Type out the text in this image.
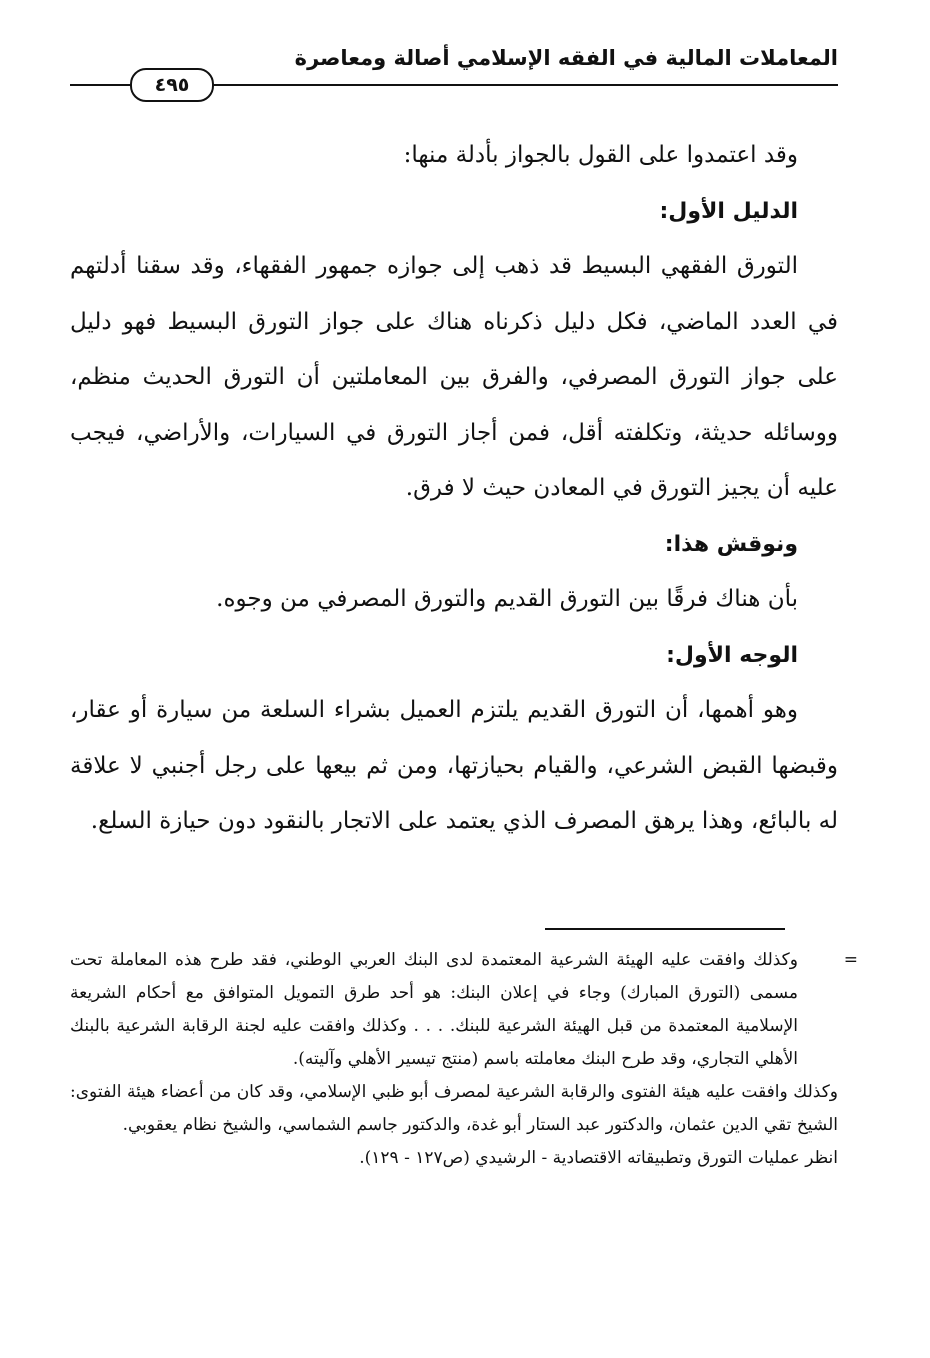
المعاملات المالية في الفقه الإسلامي أصالة ومعاصرة
٤٩٥

وقد اعتمدوا على القول بالجواز بأدلة منها:

الدليل الأول:

التورق الفقهي البسيط قد ذهب إلى جوازه جمهور الفقهاء، وقد سقنا أدلتهم في العدد الماضي، فكل دليل ذكرناه هناك على جواز التورق البسيط فهو دليل على جواز التورق المصرفي، والفرق بين المعاملتين أن التورق الحديث منظم، ووسائله حديثة، وتكلفته أقل، فمن أجاز التورق في السيارات، والأراضي، فيجب عليه أن يجيز التورق في المعادن حيث لا فرق.

ونوقش هذا:

بأن هناك فرقًا بين التورق القديم والتورق المصرفي من وجوه.

الوجه الأول:

وهو أهمها، أن التورق القديم يلتزم العميل بشراء السلعة من سيارة أو عقار، وقبضها القبض الشرعي، والقيام بحيازتها، ومن ثم بيعها على رجل أجنبي لا علاقة له بالبائع، وهذا يرهق المصرف الذي يعتمد على الاتجار بالنقود دون حيازة السلع.

=
وكذلك وافقت عليه الهيئة الشرعية المعتمدة لدى البنك العربي الوطني، فقد طرح هذه المعاملة تحت مسمى (التورق المبارك) وجاء في إعلان البنك: هو أحد طرق التمويل المتوافق مع أحكام الشريعة الإسلامية المعتمدة من قبل الهيئة الشرعية للبنك. . . . وكذلك وافقت عليه لجنة الرقابة الشرعية بالبنك الأهلي التجاري، وقد طرح البنك معاملته باسم (منتج تيسير الأهلي وآليته).

وكذلك وافقت عليه هيئة الفتوى والرقابة الشرعية لمصرف أبو ظبي الإسلامي، وقد كان من أعضاء هيئة الفتوى: الشيخ تقي الدين عثمان، والدكتور عبد الستار أبو غدة، والدكتور جاسم الشماسي، والشيخ نظام يعقوبي.

انظر عمليات التورق وتطبيقاته الاقتصادية - الرشيدي (ص١٢٧ - ١٢٩).
